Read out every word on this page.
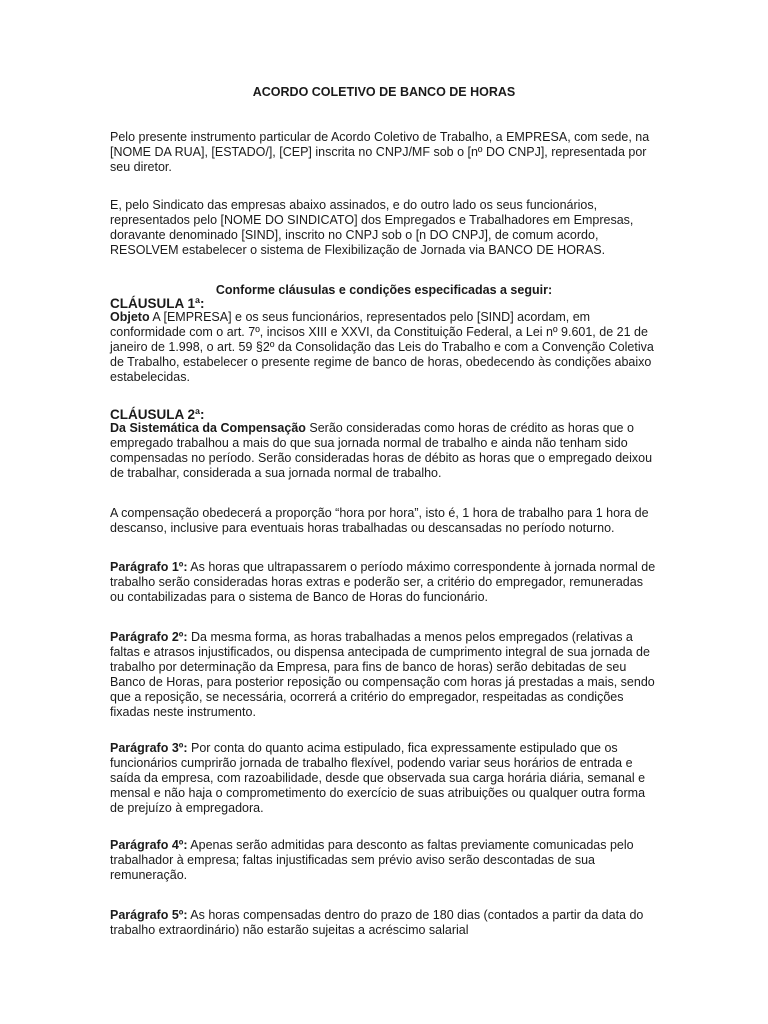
ACORDO COLETIVO DE BANCO DE HORAS

Pelo presente instrumento particular de Acordo Coletivo de Trabalho, a EMPRESA, com sede, na [NOME DA RUA], [ESTADO/], [CEP] inscrita no CNPJ/MF sob o [nº DO CNPJ], representada por seu diretor.

E, pelo Sindicato das empresas abaixo assinados, e do outro lado os seus funcionários, representados pelo [NOME DO SINDICATO] dos Empregados e Trabalhadores em Empresas, doravante denominado [SIND], inscrito no CNPJ sob o [n DO CNPJ], de comum acordo, RESOLVEM estabelecer o sistema de Flexibilização de Jornada via BANCO DE HORAS.

Conforme cláusulas e condições especificadas a seguir:

CLÁUSULA 1ª:

Objeto A [EMPRESA] e os seus funcionários, representados pelo [SIND] acordam, em conformidade com o art. 7º, incisos XIII e XXVI, da Constituição Federal, a Lei nº 9.601, de 21 de janeiro de 1.998, o art. 59 §2º da Consolidação das Leis do Trabalho e com a Convenção Coletiva de Trabalho, estabelecer o presente regime de banco de horas, obedecendo às condições abaixo estabelecidas.

CLÁUSULA 2ª:

Da Sistemática da Compensação Serão consideradas como horas de crédito as horas que o empregado trabalhou a mais do que sua jornada normal de trabalho e ainda não tenham sido compensadas no período. Serão consideradas horas de débito as horas que o empregado deixou de trabalhar, considerada a sua jornada normal de trabalho.

A compensação obedecerá a proporção “hora por hora”, isto é, 1 hora de trabalho para 1 hora de descanso, inclusive para eventuais horas trabalhadas ou descansadas no período noturno.

Parágrafo 1º: As horas que ultrapassarem o período máximo correspondente à jornada normal de trabalho serão consideradas horas extras e poderão ser, a critério do empregador, remuneradas ou contabilizadas para o sistema de Banco de Horas do funcionário.

Parágrafo 2º: Da mesma forma, as horas trabalhadas a menos pelos empregados (relativas a faltas e atrasos injustificados, ou dispensa antecipada de cumprimento integral de sua jornada de trabalho por determinação da Empresa, para fins de banco de horas) serão debitadas de seu Banco de Horas, para posterior reposição ou compensação com horas já prestadas a mais, sendo que a reposição, se necessária, ocorrerá a critério do empregador, respeitadas as condições fixadas neste instrumento.

Parágrafo 3º: Por conta do quanto acima estipulado, fica expressamente estipulado que os funcionários cumprirão jornada de trabalho flexível, podendo variar seus horários de entrada e saída da empresa, com razoabilidade, desde que observada sua carga horária diária, semanal e mensal e não haja o comprometimento do exercício de suas atribuições ou qualquer outra forma de prejuízo à empregadora.

Parágrafo 4º: Apenas serão admitidas para desconto as faltas previamente comunicadas pelo trabalhador à empresa; faltas injustificadas sem prévio aviso serão descontadas de sua remuneração.

Parágrafo 5º: As horas compensadas dentro do prazo de 180 dias (contados a partir da data do trabalho extraordinário) não estarão sujeitas a acréscimo salarial
